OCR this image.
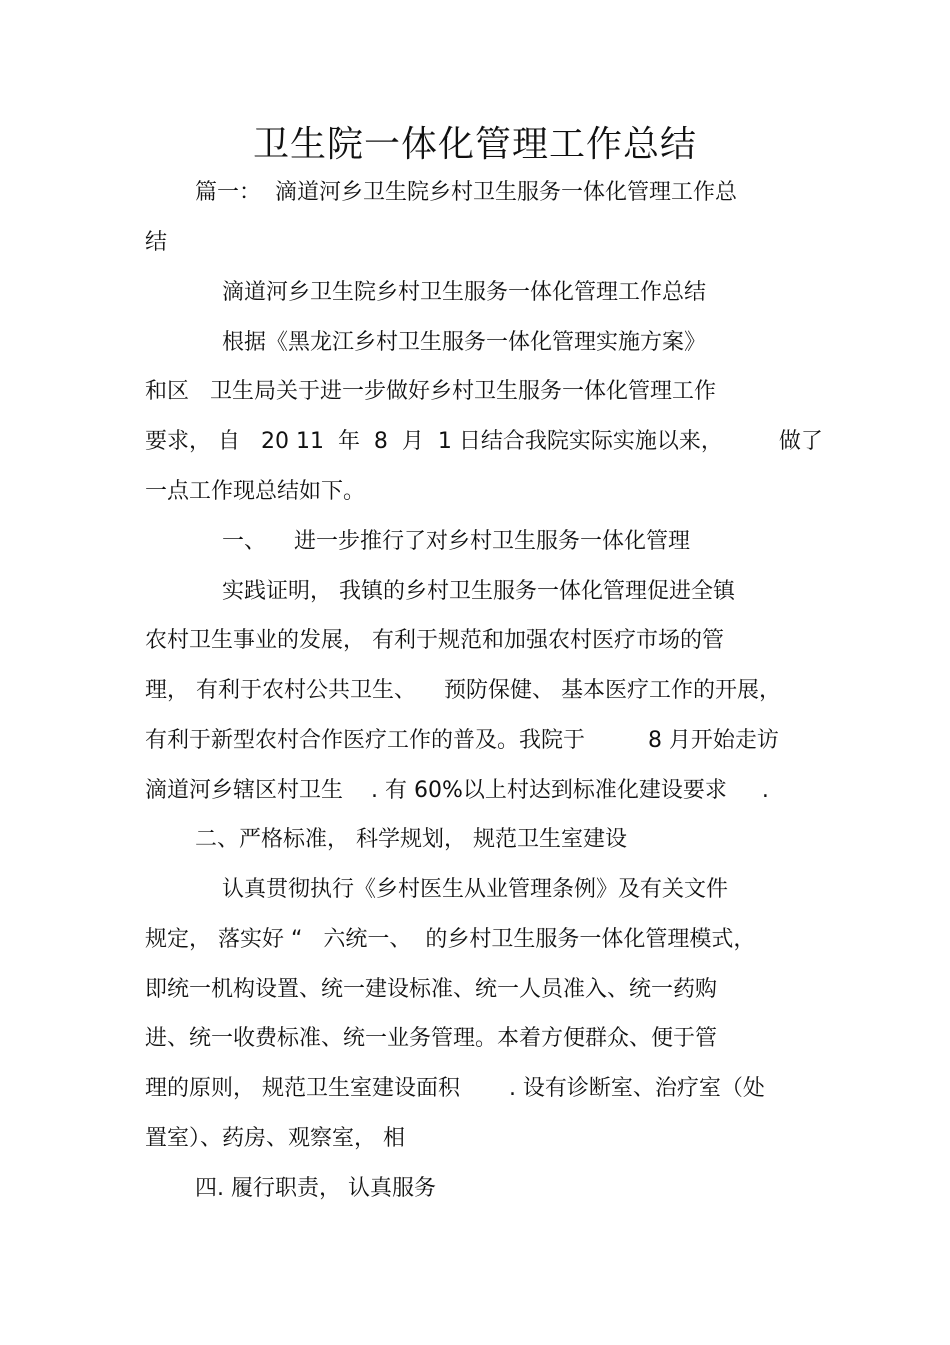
卫生院一体化管理工作总结
篇一：  滴道河乡卫生院乡村卫生服务一体化管理工作总
结
滴道河乡卫生院乡村卫生服务一体化管理工作总结
根据《黑龙江乡村卫生服务一体化管理实施方案》
和区   卫生局关于进一步做好乡村卫生服务一体化管理工作
要求， 自   20 11  年  8  月  1 日结合我院实际实施以来，        做了
一点工作现总结如下。
一、    进一步推行了对乡村卫生服务一体化管理
实践证明， 我镇的乡村卫生服务一体化管理促进全镇
农村卫生事业的发展， 有利于规范和加强农村医疗市场的管
理， 有利于农村公共卫生、    预防保健、 基本医疗工作的开展，
有利于新型农村合作医疗工作的普及。我院于         8 月开始走访
滴道河乡辖区村卫生    . 有 60%以上村达到标准化建设要求     .
二、严格标准， 科学规划， 规范卫生室建设
认真贯彻执行《乡村医生从业管理条例》及有关文件
规定， 落实好 “   六统一、  的乡村卫生服务一体化管理模式，
即统一机构设置、统一建设标准、统一人员准入、统一药购
进、统一收费标准、统一业务管理。本着方便群众、便于管
理的原则， 规范卫生室建设面积       . 设有诊断室、治疗室（处
置室）、药房、观察室， 相
四. 履行职责， 认真服务
